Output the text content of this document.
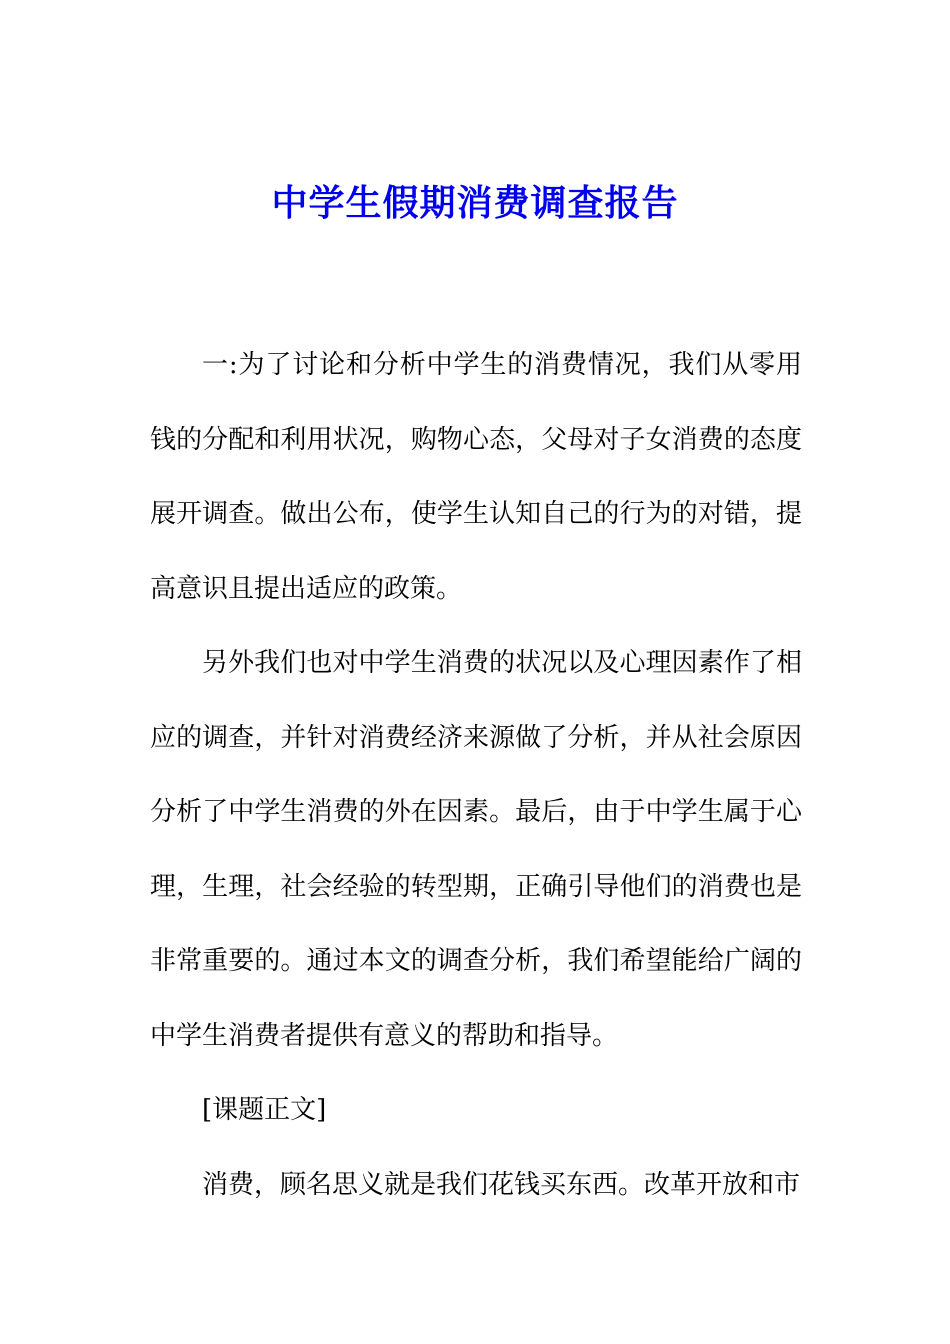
中学生假期消费调查报告

一:为了讨论和分析中学生的消费情况，我们从零用钱的分配和利用状况，购物心态，父母对子女消费的态度展开调查。做出公布，使学生认知自己的行为的对错，提高意识且提出适应的政策。

另外我们也对中学生消费的状况以及心理因素作了相应的调查，并针对消费经济来源做了分析，并从社会原因分析了中学生消费的外在因素。最后，由于中学生属于心理，生理，社会经验的转型期，正确引导他们的消费也是非常重要的。通过本文的调查分析，我们希望能给广阔的中学生消费者提供有意义的帮助和指导。

[课题正文]

消费，顾名思义就是我们花钱买东西。改革开放和市
